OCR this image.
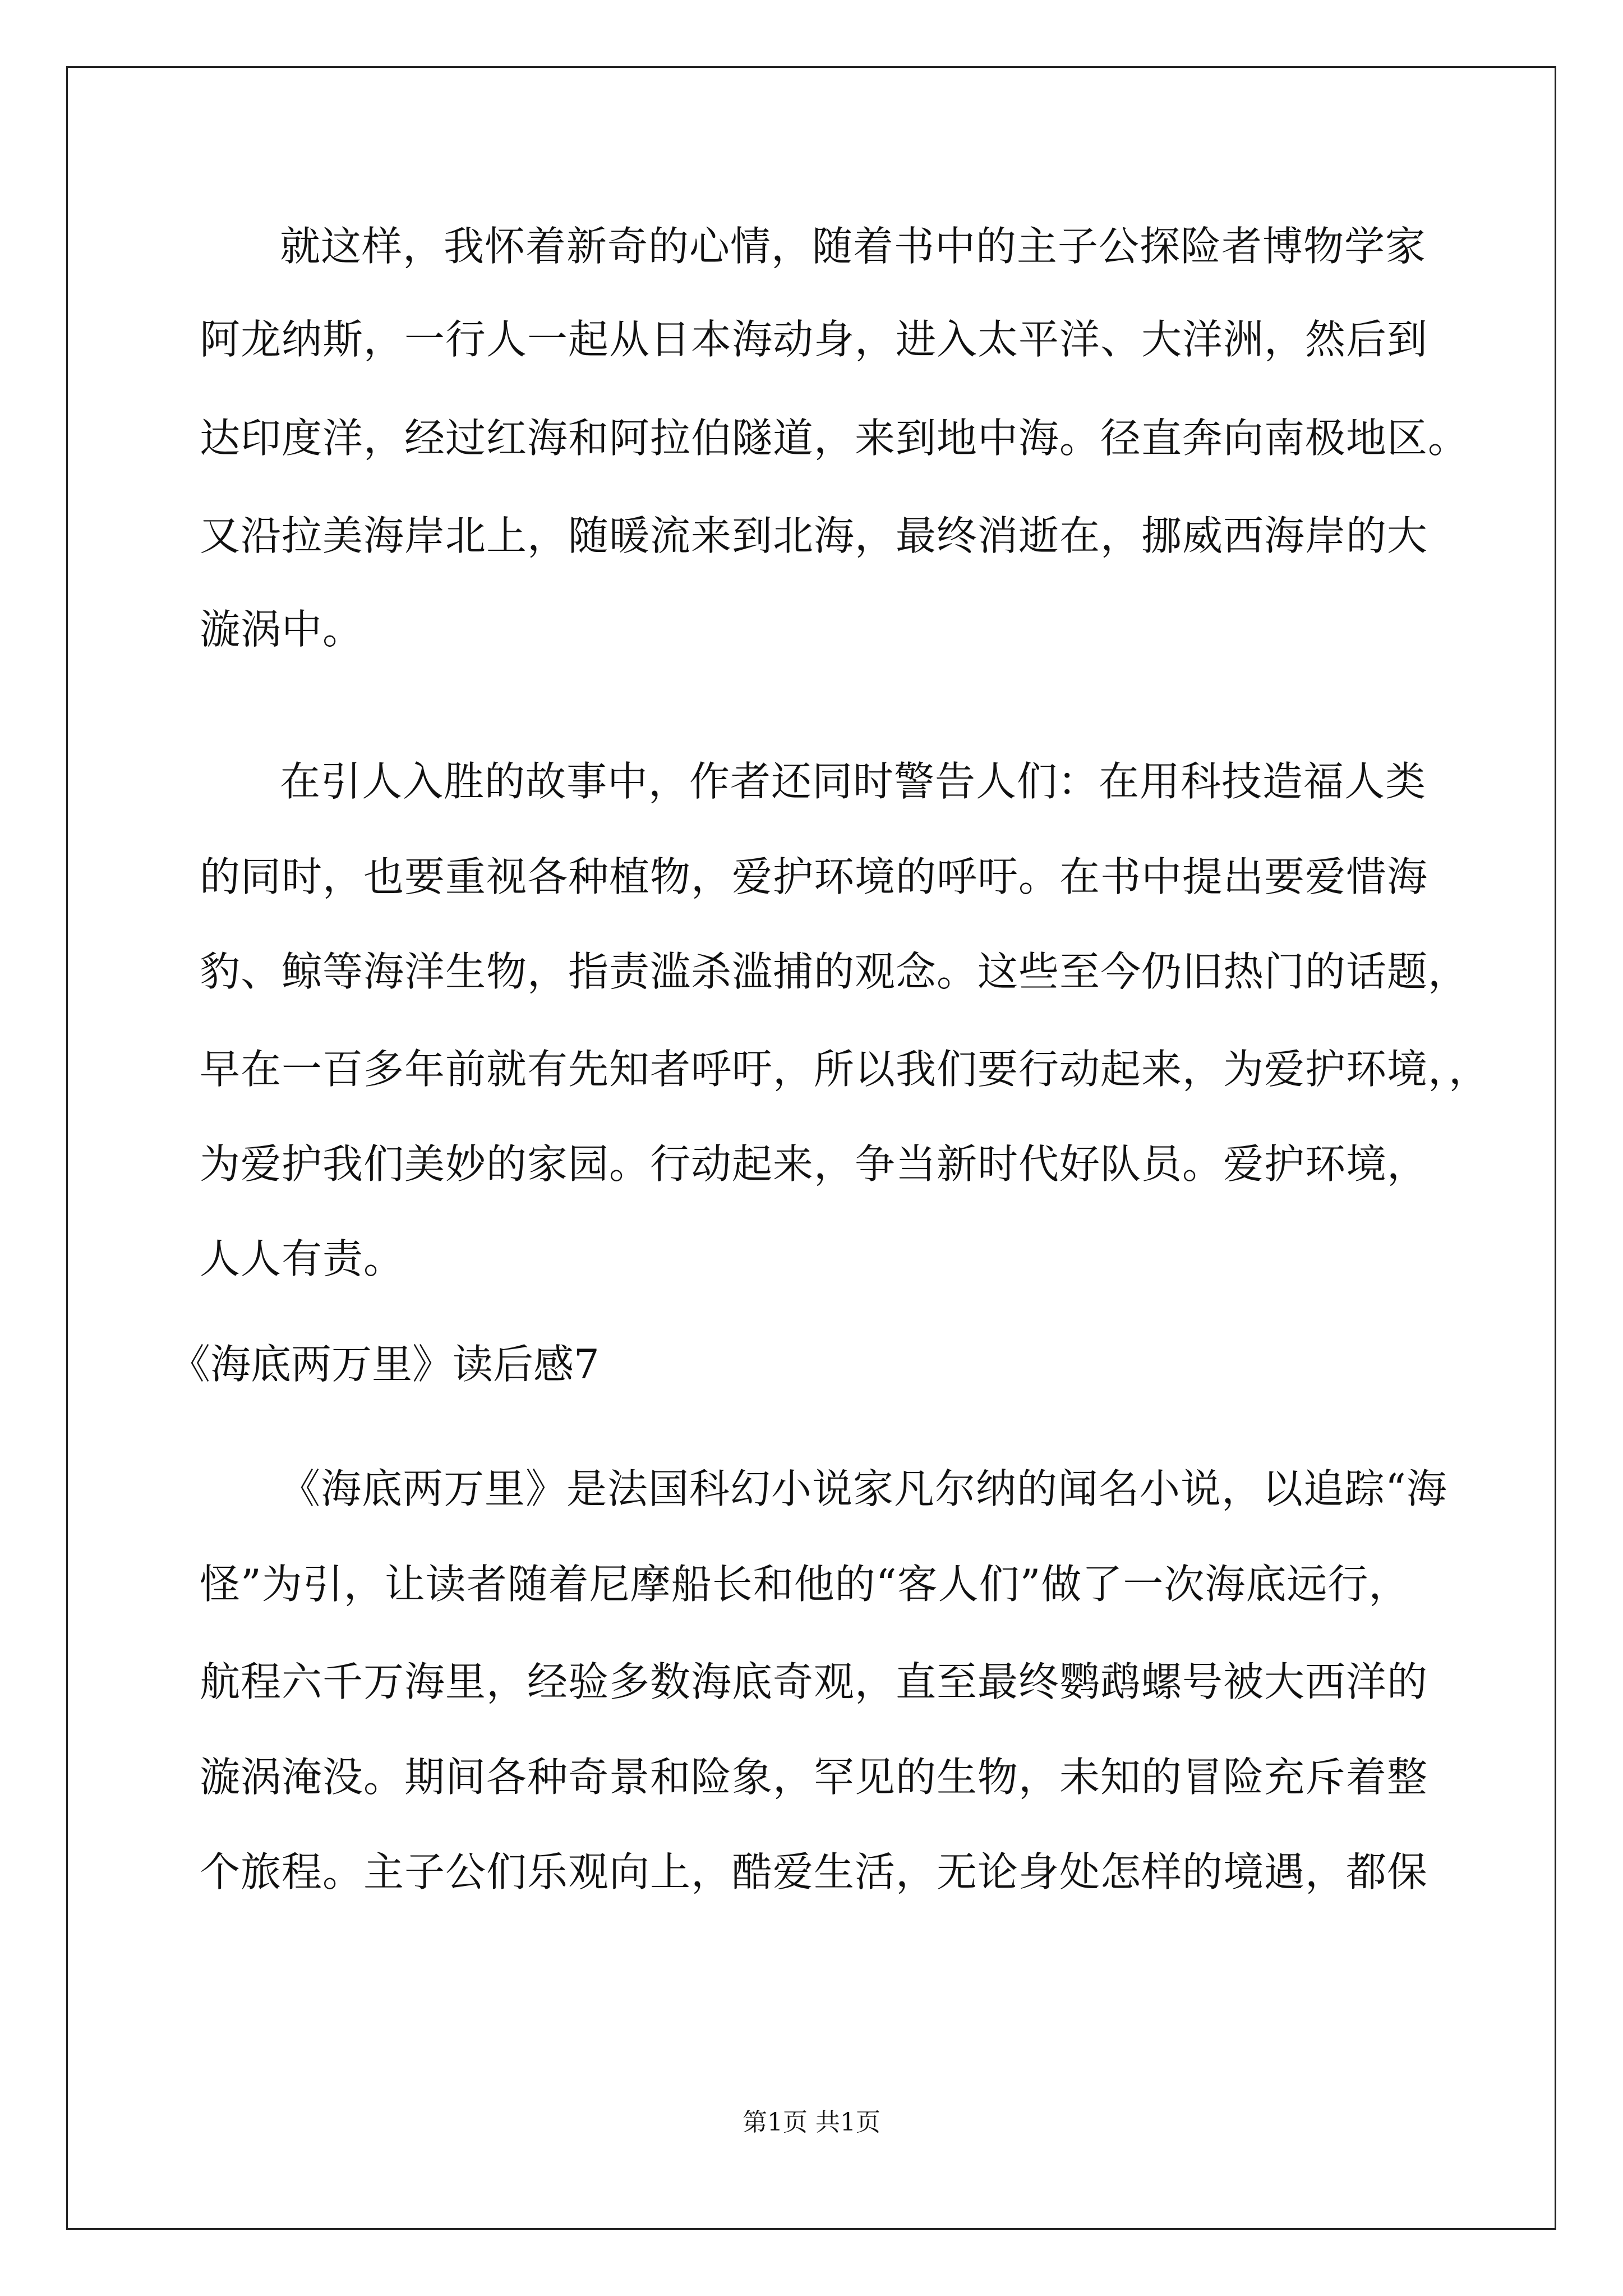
就这样，我怀着新奇的心情，随着书中的主子公探险者博物学家

阿龙纳斯，一行人一起从日本海动身，进入太平洋、大洋洲，然后到

达印度洋，经过红海和阿拉伯隧道，来到地中海。径直奔向南极地区。

又沿拉美海岸北上，随暖流来到北海，最终消逝在，挪威西海岸的大

漩涡中。

在引人入胜的故事中，作者还同时警告人们：在用科技造福人类

的同时，也要重视各种植物，爱护环境的呼吁。在书中提出要爱惜海

豹、鲸等海洋生物，指责滥杀滥捕的观念。这些至今仍旧热门的话题，

早在一百多年前就有先知者呼吁，所以我们要行动起来，为爱护环境，，

为爱护我们美妙的家园。行动起来，争当新时代好队员。爱护环境，

人人有责。

《海底两万里》读后感7

《海底两万里》是法国科幻小说家凡尔纳的闻名小说，以追踪“海

怪”为引，让读者随着尼摩船长和他的“客人们”做了一次海底远行，

航程六千万海里，经验多数海底奇观，直至最终鹦鹉螺号被大西洋的

漩涡淹没。期间各种奇景和险象，罕见的生物，未知的冒险充斥着整

个旅程。主子公们乐观向上，酷爱生活，无论身处怎样的境遇，都保

第1页 共1页
